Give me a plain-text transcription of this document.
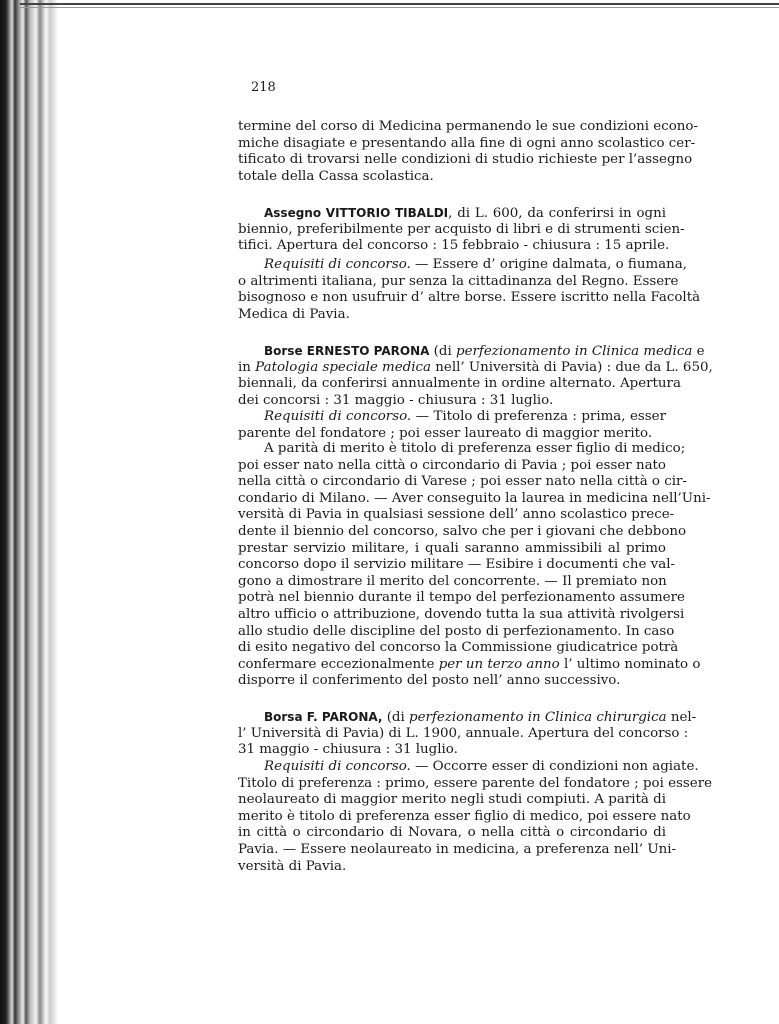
218
termine del corso di Medicina permanendo le sue condizioni econo-
miche disagiate e presentando alla fine di ogni anno scolastico cer-
tificato di trovarsi nelle condizioni di studio richieste per l’assegno
totale della Cassa scolastica.
Assegno VITTORIO TIBALDI, di L. 600, da conferirsi in ogni
biennio, preferibilmente per acquisto di libri e di strumenti scien-
tifici. Apertura del concorso : 15 febbraio - chiusura : 15 aprile.
Requisiti di concorso. — Essere d’ origine dalmata, o fiumana,
o altrimenti italiana, pur senza la cittadinanza del Regno. Essere
bisognoso e non usufruir d’ altre borse. Essere iscritto nella Facoltà
Medica di Pavia.
Borse ERNESTO PARONA (di perfezionamento in Clinica medica e
in Patologia speciale medica nell’ Università di Pavia) : due da L. 650,
biennali, da conferirsi annualmente in ordine alternato. Apertura
dei concorsi : 31 maggio - chiusura : 31 luglio.
Requisiti di concorso. — Titolo di preferenza : prima, esser
parente del fondatore ; poi esser laureato di maggior merito.
A parità di merito è titolo di preferenza esser figlio di medico;
poi esser nato nella città o circondario di Pavia ; poi esser nato
nella città o circondario di Varese ; poi esser nato nella città o cir-
condario di Milano. — Aver conseguito la laurea in medicina nell’Uni-
versità di Pavia in qualsiasi sessione dell’ anno scolastico prece-
dente il biennio del concorso, salvo che per i giovani che debbono
prestar servizio militare, i quali saranno ammissibili al primo
concorso dopo il servizio militare — Esibire i documenti che val-
gono a dimostrare il merito del concorrente. — Il premiato non
potrà nel biennio durante il tempo del perfezionamento assumere
altro ufficio o attribuzione, dovendo tutta la sua attività rivolgersi
allo studio delle discipline del posto di perfezionamento. In caso
di esito negativo del concorso la Commissione giudicatrice potrà
confermare eccezionalmente per un terzo anno l’ ultimo nominato o
disporre il conferimento del posto nell’ anno successivo.
Borsa F. PARONA, (di perfezionamento in Clinica chirurgica nel-
l’ Università di Pavia) di L. 1900, annuale. Apertura del concorso :
31 maggio - chiusura : 31 luglio.
Requisiti di concorso. — Occorre esser di condizioni non agiate.
Titolo di preferenza : primo, essere parente del fondatore ; poi essere
neolaureato di maggior merito negli studi compiuti. A parità di
merito è titolo di preferenza esser figlio di medico, poi essere nato
in città o circondario di Novara, o nella città o circondario di
Pavia. — Essere neolaureato in medicina, a preferenza nell’ Uni-
versità di Pavia.
